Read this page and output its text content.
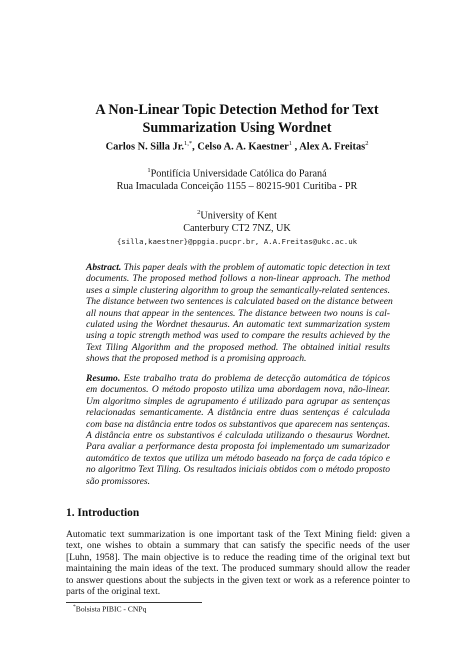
A Non-Linear Topic Detection Method for Text
Summarization Using Wordnet
Carlos N. Silla Jr.$^{1,*}$, Celso A. A. Kaestner$^1$ , Alex A. Freitas$^2$
$^1$Pontifícia Universidade Católica do Paraná
Rua Imaculada Conceição 1155 – 80215-901 Curitiba - PR
$^2$University of Kent
Canterbury CT2 7NZ, UK
{silla,kaestner}@ppgia.pucpr.br, A.A.Freitas@ukc.ac.uk
Abstract. This paper deals with the problem of automatic topic detection in text
documents. The proposed method follows a non-linear approach. The method
uses a simple clustering algorithm to group the semantically-related sentences.
The distance between two sentences is calculated based on the distance between
all nouns that appear in the sentences. The distance between two nouns is cal-
culated using the Wordnet thesaurus. An automatic text summarization system
using a topic strength method was used to compare the results achieved by the
Text Tiling Algorithm and the proposed method. The obtained initial results
shows that the proposed method is a promising approach.
Resumo. Este trabalho trata do problema de detecção automática de tópicos
em documentos. O método proposto utiliza uma abordagem nova, não-linear.
Um algoritmo simples de agrupamento é utilizado para agrupar as sentenças
relacionadas semanticamente. A distância entre duas sentenças é calculada
com base na distância entre todos os substantivos que aparecem nas sentenças.
A distância entre os substantivos é calculada utilizando o thesaurus Wordnet.
Para avaliar a performance desta proposta foi implementado um sumarizador
automático de textos que utiliza um método baseado na força de cada tópico e
no algoritmo Text Tiling. Os resultados iniciais obtidos com o método proposto
são promissores.
1. Introduction
Automatic text summarization is one important task of the Text Mining field: given a
text, one wishes to obtain a summary that can satisfy the specific needs of the user
[Luhn, 1958]. The main objective is to reduce the reading time of the original text but
maintaining the main ideas of the text. The produced summary should allow the reader
to answer questions about the subjects in the given text or work as a reference pointer to
parts of the original text.
*Bolsista PIBIC - CNPq
